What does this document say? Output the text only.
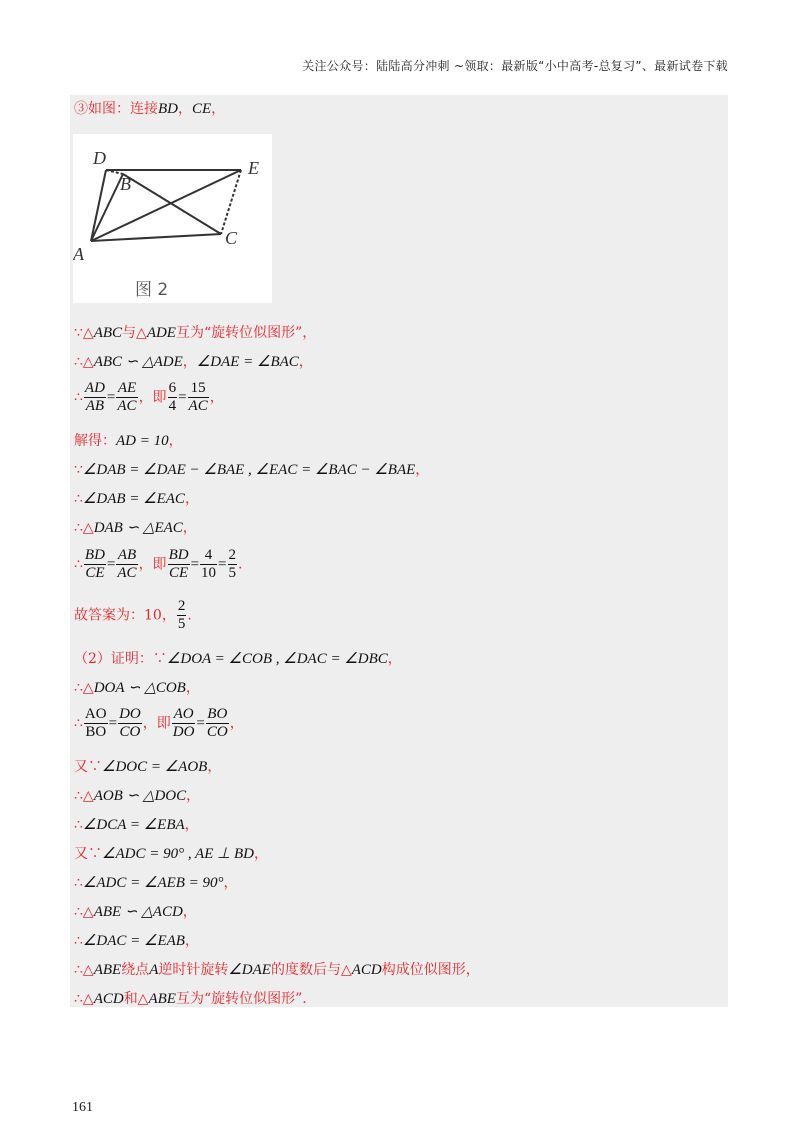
关注公众号：陆陆高分冲刺 ~领取：最新版“小中高考-总复习”、最新试卷下载
③如图：连接BD，CE，
D
B
E
A
C
图 2
∵△ABC与△ADE互为“旋转位似图形”，
∴△ABC ∽ △ADE，∠DAE = ∠BAC，
∴ $\frac{AD}{AB} = \frac{AE}{AC}$ ，即 $\frac{6}{4} = \frac{15}{AC}$ ，
解得：AD = 10，
∵∠DAB = ∠DAE − ∠BAE , ∠EAC = ∠BAC − ∠BAE，
∴∠DAB = ∠EAC，
∴△DAB ∽ △EAC，
∴ $\frac{BD}{CE} = \frac{AB}{AC}$ ，即 $\frac{BD}{CE} = \frac{4}{10} = \frac{2}{5}$ .
故答案为：10， $\frac{2}{5}$ .
（2）证明：∵∠DOA = ∠COB , ∠DAC = ∠DBC，
∴△DOA ∽ △COB，
∴ $\frac{AO}{BO} = \frac{DO}{CO}$ ，即 $\frac{AO}{DO} = \frac{BO}{CO}$ ，
又∵∠DOC = ∠AOB，
∴△AOB ∽ △DOC，
∴∠DCA = ∠EBA，
又∵∠ADC = 90° , AE ⊥ BD，
∴∠ADC = ∠AEB = 90°，
∴△ABE ∽ △ACD，
∴∠DAC = ∠EAB，
∴△ABE绕点A逆时针旋转∠DAE的度数后与△ACD构成位似图形，
∴△ACD和△ABE互为“旋转位似图形”.
161
